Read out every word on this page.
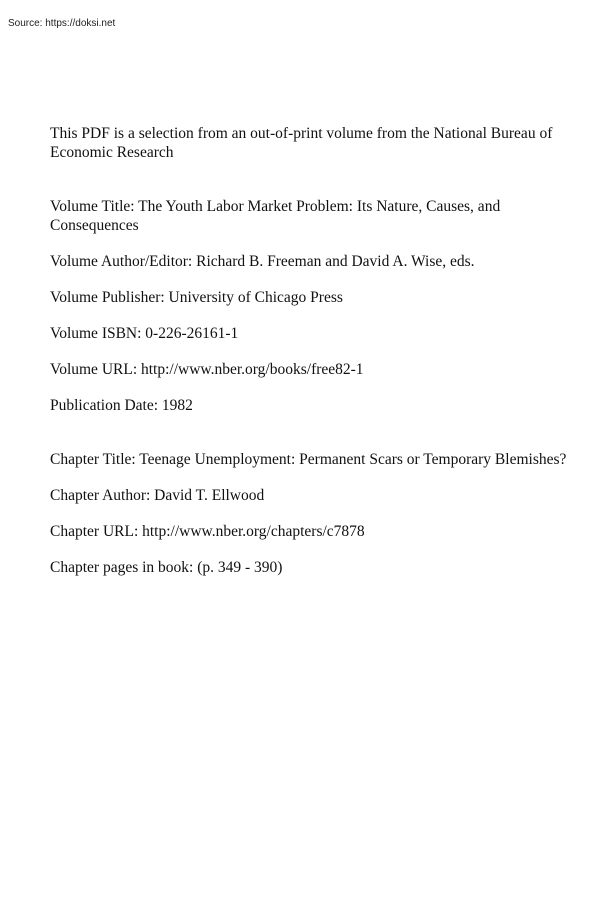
Source: https://doksi.net

This PDF is a selection from an out-of-print volume from the National Bureau of Economic Research

Volume Title: The Youth Labor Market Problem: Its Nature, Causes, and Consequences

Volume Author/Editor: Richard B. Freeman and David A. Wise, eds.

Volume Publisher: University of Chicago Press

Volume ISBN: 0-226-26161-1

Volume URL: http://www.nber.org/books/free82-1

Publication Date: 1982

Chapter Title: Teenage Unemployment: Permanent Scars or Temporary Blemishes?

Chapter Author: David T. Ellwood

Chapter URL: http://www.nber.org/chapters/c7878

Chapter pages in book: (p. 349 - 390)
